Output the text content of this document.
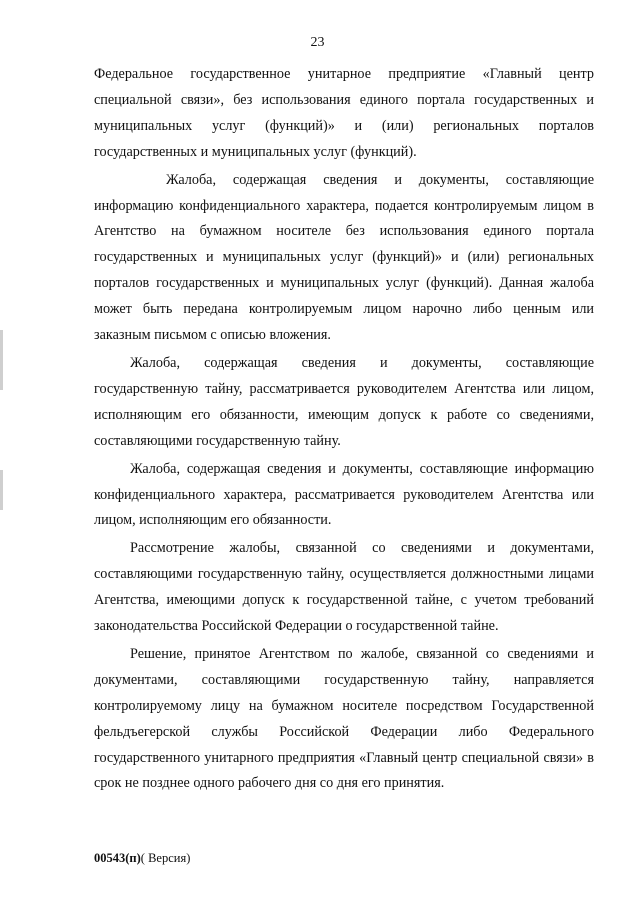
23

Федеральное государственное унитарное предприятие «Главный центр специальной связи», без использования единого портала государственных и муниципальных услуг (функций)» и (или) региональных порталов государственных и муниципальных услуг (функций).

Жалоба, содержащая сведения и документы, составляющие информацию конфиденциального характера, подается контролируемым лицом в Агентство на бумажном носителе без использования единого портала государственных и муниципальных услуг (функций)» и (или) региональных порталов государственных и муниципальных услуг (функций). Данная жалоба может быть передана контролируемым лицом нарочно либо ценным или заказным письмом с описью вложения.

Жалоба, содержащая сведения и документы, составляющие государственную тайну, рассматривается руководителем Агентства или лицом, исполняющим его обязанности, имеющим допуск к работе со сведениями, составляющими государственную тайну.

Жалоба, содержащая сведения и документы, составляющие информацию конфиденциального характера, рассматривается руководителем Агентства или лицом, исполняющим его обязанности.

Рассмотрение жалобы, связанной со сведениями и документами, составляющими государственную тайну, осуществляется должностными лицами Агентства, имеющими допуск к государственной тайне, с учетом требований законодательства Российской Федерации о государственной тайне.

Решение, принятое Агентством по жалобе, связанной со сведениями и документами, составляющими государственную тайну, направляется контролируемому лицу на бумажном носителе посредством Государственной фельдъегерской службы Российской Федерации либо Федерального государственного унитарного предприятия «Главный центр специальной связи» в срок не позднее одного рабочего дня со дня его принятия.

00543(п)( Версия)
